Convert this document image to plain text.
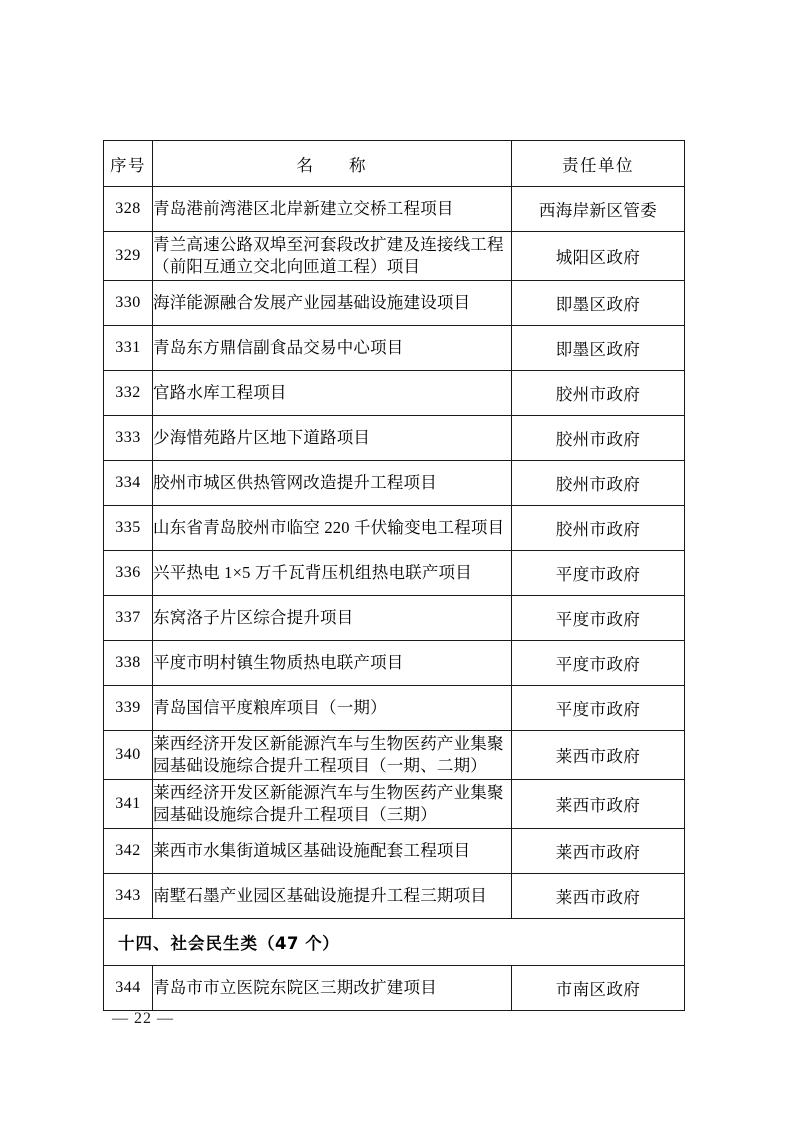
序号	名 称	责任单位
328	青岛港前湾港区北岸新建立交桥工程项目	西海岸新区管委
329	青兰高速公路双埠至河套段改扩建及连接线工程
（前阳互通立交北向匝道工程）项目	城阳区政府
330	海洋能源融合发展产业园基础设施建设项目	即墨区政府
331	青岛东方鼎信副食品交易中心项目	即墨区政府
332	官路水库工程项目	胶州市政府
333	少海惜苑路片区地下道路项目	胶州市政府
334	胶州市城区供热管网改造提升工程项目	胶州市政府
335	山东省青岛胶州市临空 220 千伏输变电工程项目	胶州市政府
336	兴平热电 1×5 万千瓦背压机组热电联产项目	平度市政府
337	东窝洛子片区综合提升项目	平度市政府
338	平度市明村镇生物质热电联产项目	平度市政府
339	青岛国信平度粮库项目（一期）	平度市政府
340	莱西经济开发区新能源汽车与生物医药产业集聚
园基础设施综合提升工程项目（一期、二期）	莱西市政府
341	莱西经济开发区新能源汽车与生物医药产业集聚
园基础设施综合提升工程项目（三期）	莱西市政府
342	莱西市水集街道城区基础设施配套工程项目	莱西市政府
343	南墅石墨产业园区基础设施提升工程三期项目	莱西市政府
十四、社会民生类（47 个）		
344	青岛市市立医院东院区三期改扩建项目	市南区政府
— 22 —
